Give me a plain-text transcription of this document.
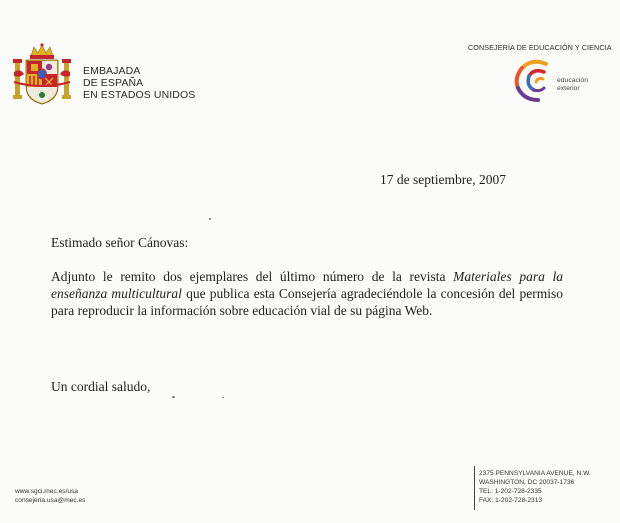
EMBAJADA
DE ESPAÑA
EN ESTADOS UNIDOS
CONSEJERÍA DE EDUCACIÓN Y CIENCIA
educación
exterior
17 de septiembre, 2007
Estimado señor Cánovas:
Adjunto le remito dos ejemplares del último número de la revista Materiales para la enseñanza multicultural que publica esta Consejería agradeciéndole la concesión del permiso para reproducir la información sobre educación vial de su página Web.
Un cordial saludo,
www.sgci.mec.es/usa
consejeria.usa@mec.es
2375 PENNSYLVANIA AVENUE, N.W.
WASHINGTON, DC 20037-1736
TEL: 1-202-728-2335
FAX: 1-202-728-2313
